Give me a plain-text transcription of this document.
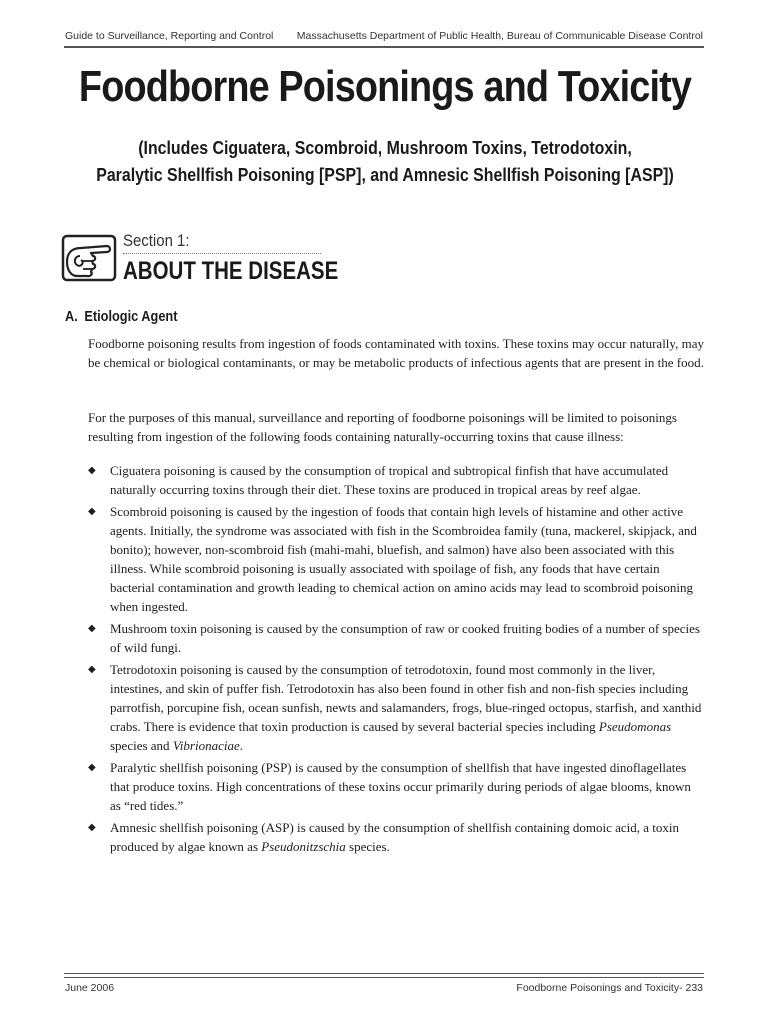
Guide to Surveillance, Reporting and Control Massachusetts Department of Public Health, Bureau of Communicable Disease Control
Foodborne Poisonings and Toxicity
(Includes Ciguatera, Scombroid, Mushroom Toxins, Tetrodotoxin,
Paralytic Shellfish Poisoning [PSP], and Amnesic Shellfish Poisoning [ASP])
Section 1:
ABOUT THE DISEASE
A. Etiologic Agent

Foodborne poisoning results from ingestion of foods contaminated with toxins. These toxins may occur naturally, may be chemical or biological contaminants, or may be metabolic products of infectious agents that are present in the food.

For the purposes of this manual, surveillance and reporting of foodborne poisonings will be limited to poisonings resulting from ingestion of the following foods containing naturally-occurring toxins that cause illness:

◆ Ciguatera poisoning is caused by the consumption of tropical and subtropical finfish that have accumulated naturally occurring toxins through their diet. These toxins are produced in tropical areas by reef algae.
◆ Scombroid poisoning is caused by the ingestion of foods that contain high levels of histamine and other active agents. Initially, the syndrome was associated with fish in the Scombroidea family (tuna, mackerel, skipjack, and bonito); however, non-scombroid fish (mahi-mahi, bluefish, and salmon) have also been associated with this illness. While scombroid poisoning is usually associated with spoilage of fish, any foods that have certain bacterial contamination and growth leading to chemical action on amino acids may lead to scombroid poisoning when ingested.
◆ Mushroom toxin poisoning is caused by the consumption of raw or cooked fruiting bodies of a number of species of wild fungi.
◆ Tetrodotoxin poisoning is caused by the consumption of tetrodotoxin, found most commonly in the liver, intestines, and skin of puffer fish. Tetrodotoxin has also been found in other fish and non-fish species including parrotfish, porcupine fish, ocean sunfish, newts and salamanders, frogs, blue-ringed octopus, starfish, and xanthid crabs. There is evidence that toxin production is caused by several bacterial species including Pseudomonas species and Vibrionaciae.
◆ Paralytic shellfish poisoning (PSP) is caused by the consumption of shellfish that have ingested dinoflagellates that produce toxins. High concentrations of these toxins occur primarily during periods of algae blooms, known as “red tides.”
◆ Amnesic shellfish poisoning (ASP) is caused by the consumption of shellfish containing domoic acid, a toxin produced by algae known as Pseudonitzschia species.
June 2006	Foodborne Poisonings and Toxicity- 233
